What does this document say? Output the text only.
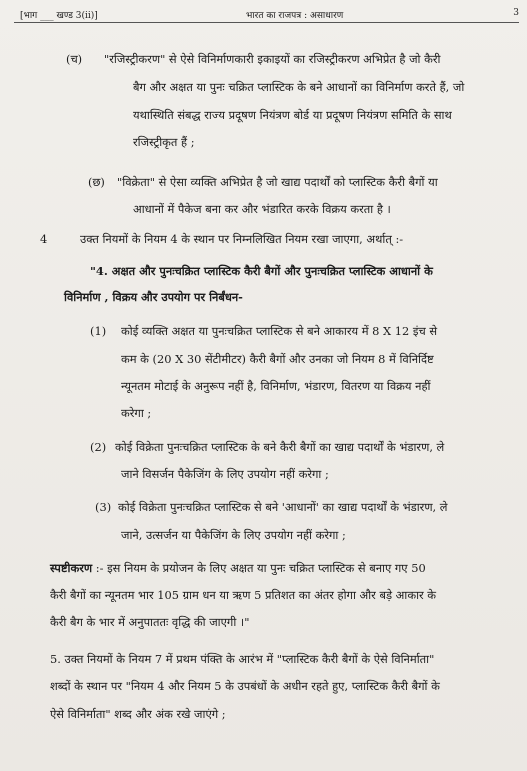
[भाग ___ खण्ड 3(ii)]	भारत का राजपत्र : असाधारण	3
(च) "रजिस्ट्रीकरण" से ऐसे विनिर्माणकारी इकाइयों का रजिस्ट्रीकरण अभिप्रेत है जो कैरी
बैग और अक्षत या पुनः चक्रित प्लास्टिक के बने आधानों का विनिर्माण करते हैं, जो
यथास्थिति संबद्ध राज्य प्रदूषण नियंत्रण बोर्ड या प्रदूषण नियंत्रण समिति के साथ
रजिस्ट्रीकृत हैं ;
(छ) "विक्रेता" से ऐसा व्यक्ति अभिप्रेत है जो खाद्य पदार्थों को प्लास्टिक कैरी बैगों या
आधानों में पैकेज बना कर और भंडारित करके विक्रय करता है ।
4	उक्त नियमों के नियम 4 के स्थान पर निम्नलिखित नियम रखा जाएगा, अर्थात् :-
"4. अक्षत और पुनःचक्रित प्लास्टिक कैरी बैगों और पुनःचक्रित प्लास्टिक आधानों के
विनिर्माण , विक्रय और उपयोग पर निर्बंधन-
(1) कोई व्यक्ति अक्षत या पुनःचक्रित प्लास्टिक से बने आकारय में 8 X 12 इंच से
कम के (20 X 30 सेंटीमीटर) कैरी बैगों और उनका जो नियम 8 में विनिर्दिष्ट
न्यूनतम मोटाई के अनुरूप नहीं है, विनिर्माण, भंडारण, वितरण या विक्रय नहीं
करेगा ;
(2) कोई विक्रेता पुनःचक्रित प्लास्टिक के बने कैरी बैगों का खाद्य पदार्थों के भंडारण, ले
जाने विसर्जन पैकेजिंग के लिए उपयोग नहीं करेगा ;
(3) कोई विक्रेता पुनःचक्रित प्लास्टिक से बने 'आधानों' का खाद्य पदार्थों के भंडारण, ले
जाने, उत्सर्जन या पैकेजिंग के लिए उपयोग नहीं करेगा ;
स्पष्टीकरण :- इस नियम के प्रयोजन के लिए अक्षत या पुनः चक्रित प्लास्टिक से बनाए गए 50
कैरी बैगों का न्यूनतम भार 105 ग्राम धन या ऋण 5 प्रतिशत का अंतर होगा और बड़े आकार के
कैरी बैग के भार में अनुपाततः वृद्धि की जाएगी ।"
5. उक्त नियमों के नियम 7 में प्रथम पंक्ति के आरंभ में "प्लास्टिक कैरी बैगों के ऐसे विनिर्माता"
शब्दों के स्थान पर "नियम 4 और नियम 5 के उपबंधों के अधीन रहते हुए, प्लास्टिक कैरी बैगों के
ऐसे विनिर्माता" शब्द और अंक रखे जाएंगे ;
